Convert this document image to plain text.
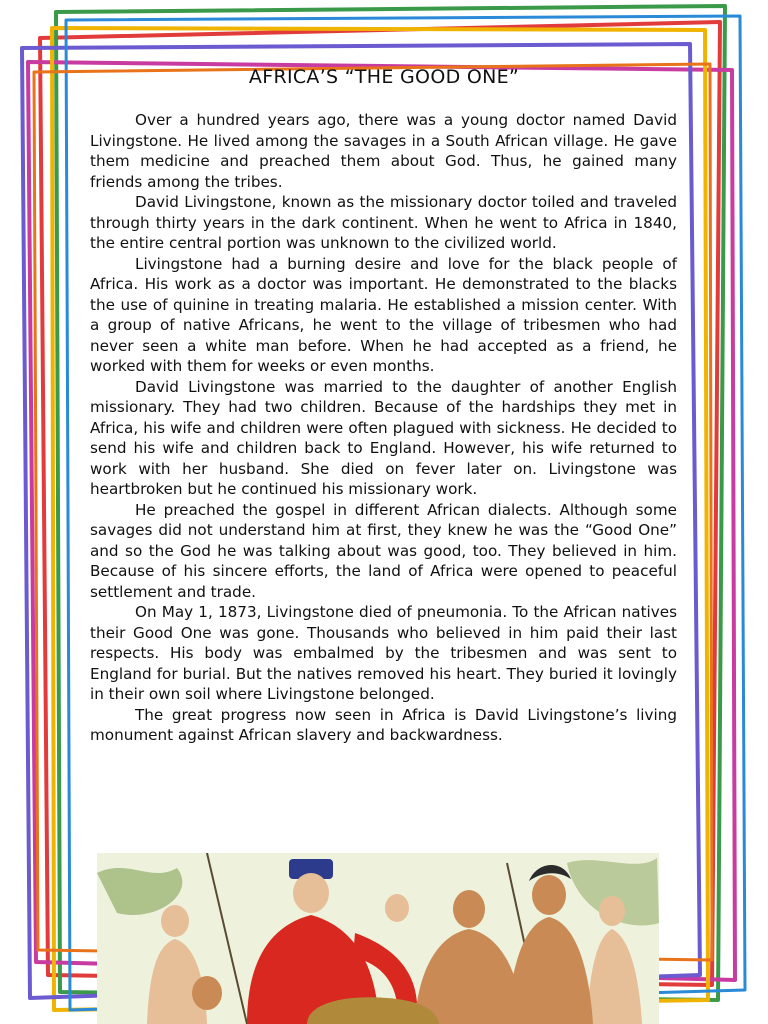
AFRICA’S “THE GOOD ONE”

Over a hundred years ago, there was a young doctor named David Livingstone. He lived among the savages in a South African village. He gave them medicine and preached them about God. Thus, he gained many friends among the tribes.

David Livingstone, known as the missionary doctor toiled and traveled through thirty years in the dark continent. When he went to Africa in 1840, the entire central portion was unknown to the civilized world.

Livingstone had a burning desire and love for the black people of Africa. His work as a doctor was important. He demonstrated to the blacks the use of quinine in treating malaria. He established a mission center. With a group of native Africans, he went to the village of tribesmen who had never seen a white man before. When he had accepted as a friend, he worked with them for weeks or even months.

David Livingstone was married to the daughter of another English missionary. They had two children. Because of the hardships they met in Africa, his wife and children were often plagued with sickness. He decided to send his wife and children back to England. However, his wife returned to work with her husband. She died on fever later on. Livingstone was heartbroken but he continued his missionary work.

He preached the gospel in different African dialects. Although some savages did not understand him at first, they knew he was the “Good One” and so the God he was talking about was good, too. They believed in him. Because of his sincere efforts, the land of Africa were opened to peaceful settlement and trade.

On May 1, 1873, Livingstone died of pneumonia. To the African natives their Good One was gone. Thousands who believed in him paid their last respects. His body was embalmed by the tribesmen and was sent to England for burial. But the natives removed his heart. They buried it lovingly in their own soil where Livingstone belonged.

The great progress now seen in Africa is David Livingstone’s living monument against African slavery and backwardness.
